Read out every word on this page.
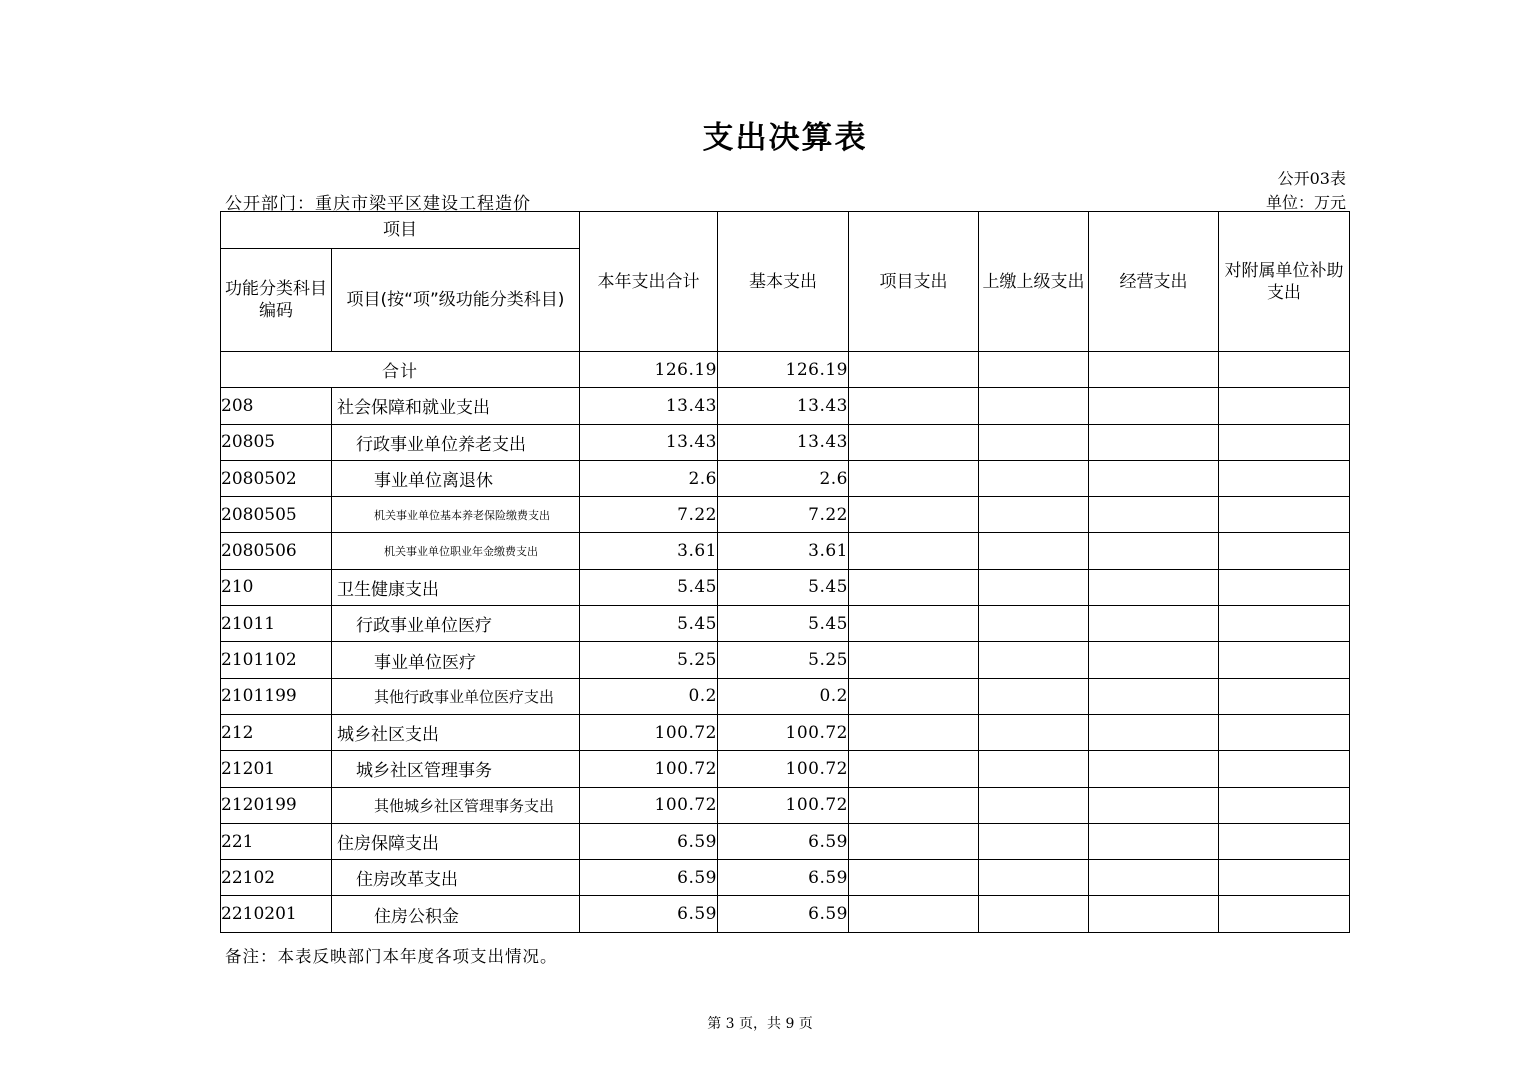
支出决算表
公开03表
公开部门：重庆市梁平区建设工程造价	单位：万元
项目		本年支出合计	基本支出	项目支出	上缴上级支出	经营支出	对附属单位补助支出
功能分类科目编码	项目(按“项”级功能分类科目)						
合计		126.19	126.19				
208	社会保障和就业支出	13.43	13.43				
20805	行政事业单位养老支出	13.43	13.43				
2080502	事业单位离退休	2.6	2.6				
2080505	机关事业单位基本养老保险缴费支出	7.22	7.22				
2080506	机关事业单位职业年金缴费支出	3.61	3.61				
210	卫生健康支出	5.45	5.45				
21011	行政事业单位医疗	5.45	5.45				
2101102	事业单位医疗	5.25	5.25				
2101199	其他行政事业单位医疗支出	0.2	0.2				
212	城乡社区支出	100.72	100.72				
21201	城乡社区管理事务	100.72	100.72				
2120199	其他城乡社区管理事务支出	100.72	100.72				
221	住房保障支出	6.59	6.59				
22102	住房改革支出	6.59	6.59				
2210201	住房公积金	6.59	6.59				
备注：本表反映部门本年度各项支出情况。
第 3 页，共 9 页
